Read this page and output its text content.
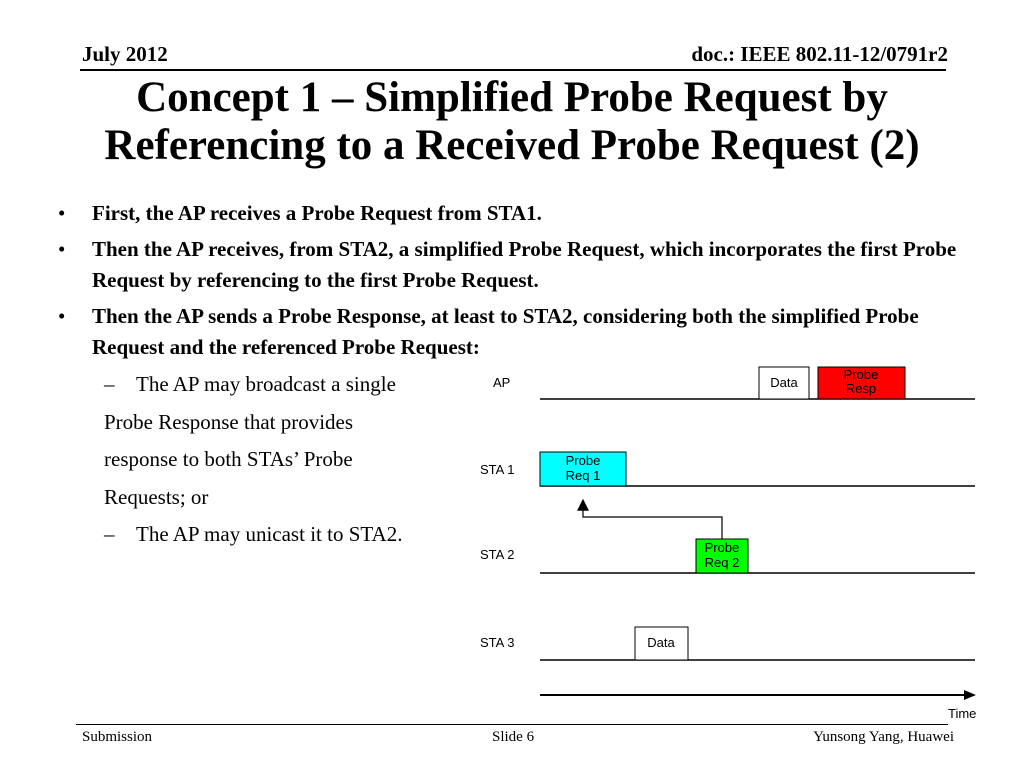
July 2012	doc.: IEEE 802.11-12/0791r2
Concept 1 – Simplified Probe Request by
Referencing to a Received Probe Request (2)
• First, the AP receives a Probe Request from STA1.
• Then the AP receives, from STA2, a simplified Probe Request, which incorporates the first Probe Request by referencing to the first Probe Request.
• Then the AP sends a Probe Response, at least to STA2, considering both the simplified Probe Request and the referenced Probe Request:
– The AP may broadcast a single
Probe Response that provides
response to both STAs’ Probe
Requests; or
– The AP may unicast it to STA2.
AP
STA 1
STA 2
STA 3
Data
Probe
Resp
Probe
Req 1
Probe
Req 2
Data
Time
Submission	Slide 6	Yunsong Yang, Huawei
